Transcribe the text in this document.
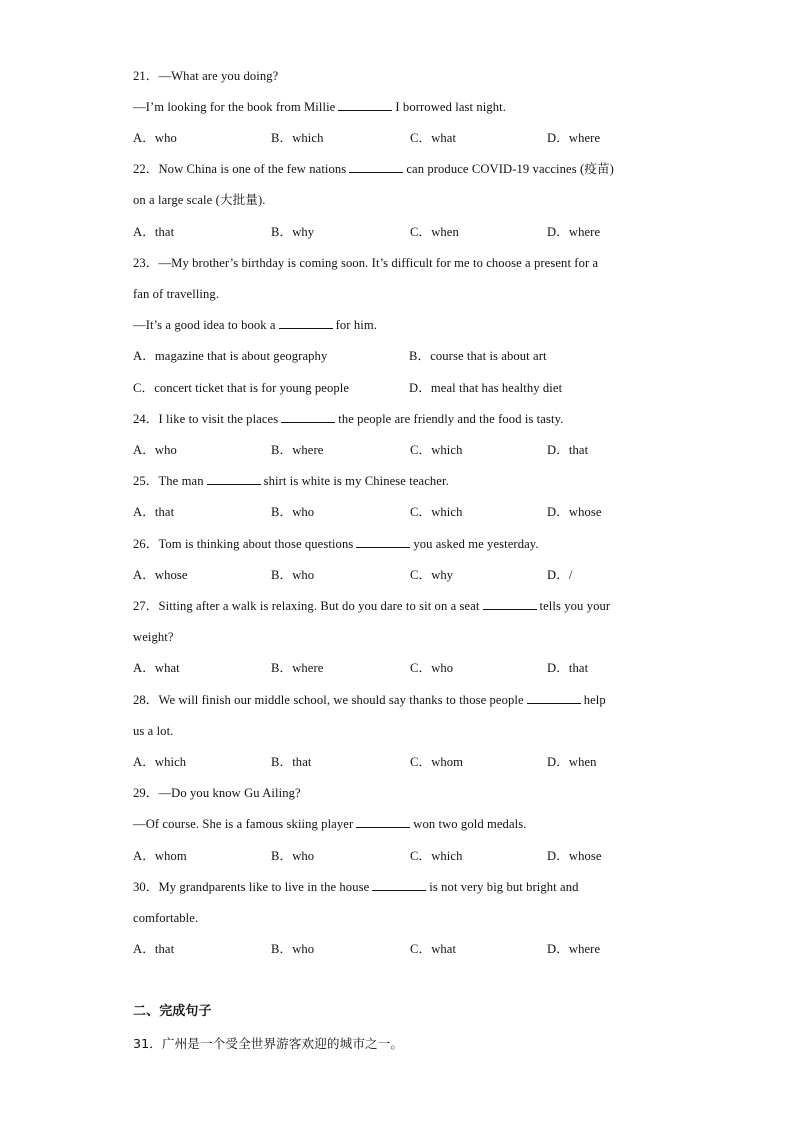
21．—What are you doing?
—I’m looking for the book from Millie	I borrowed last night.
A．who	B．which	C．what	D．where
22．Now China is one of the few nations	can produce COVID-19 vaccines (疫苗)
on a large scale (大批量).
A．that	B．why	C．when	D．where
23．—My brother’s birthday is coming soon. It’s difficult for me to choose a present for a
fan of travelling.
—It’s a good idea to book a	for him.
A．magazine that is about geography	B．course that is about art
C．concert ticket that is for young people	D．meal that has healthy diet
24．I like to visit the places	the people are friendly and the food is tasty.
A．who	B．where	C．which	D．that
25．The man	shirt is white is my Chinese teacher.
A．that	B．who	C．which	D．whose
26．Tom is thinking about those questions	you asked me yesterday.
A．whose	B．who	C．why	D．/
27．Sitting after a walk is relaxing. But do you dare to sit on a seat	tells you your
weight?
A．what	B．where	C．who	D．that
28．We will finish our middle school, we should say thanks to those people	help
us a lot.
A．which	B．that	C．whom	D．when
29．—Do you know Gu Ailing?
—Of course. She is a famous skiing player	won two gold medals.
A．whom	B．who	C．which	D．whose
30．My grandparents like to live in the house	is not very big but bright and
comfortable.
A．that	B．who	C．what	D．where
二、完成句子
31．广州是一个受全世界游客欢迎的城市之一。
